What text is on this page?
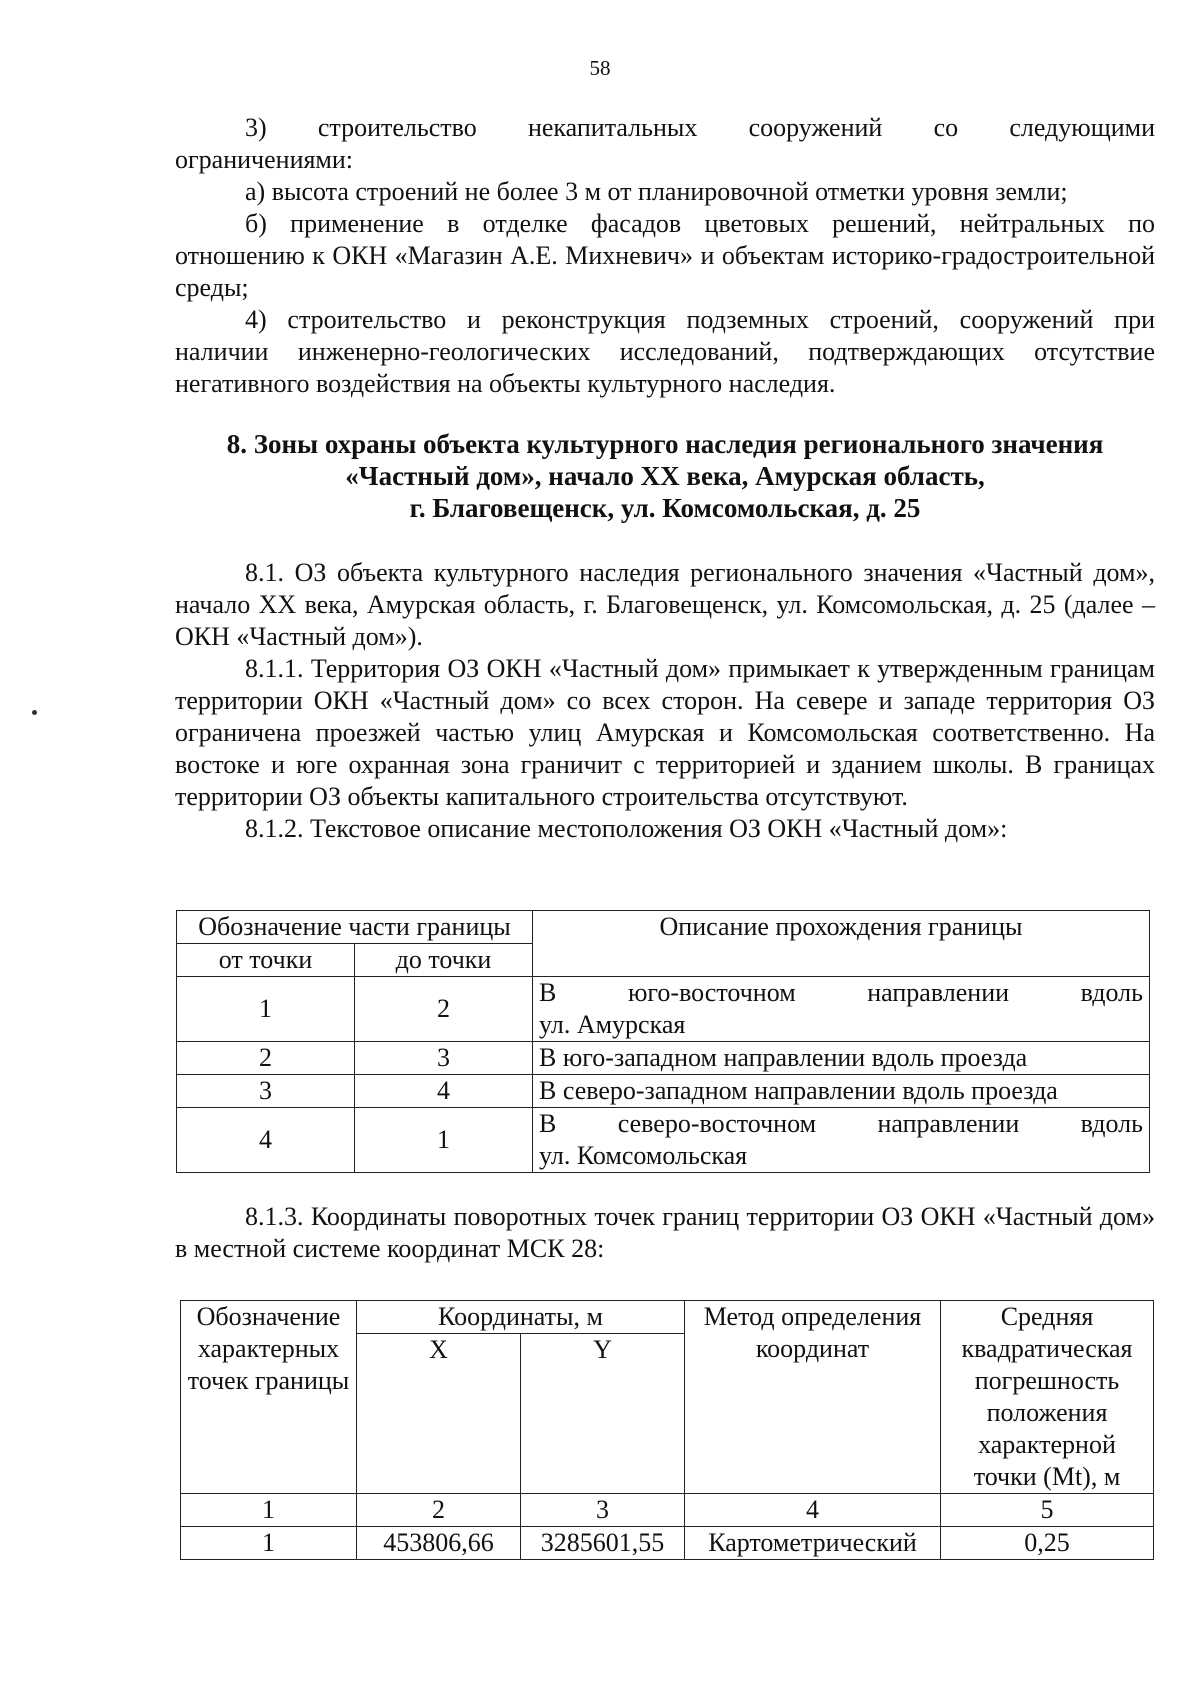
58

3) строительство некапитальных сооружений со следующими

ограничениями:

а) высота строений не более 3 м от планировочной отметки уровня земли;

б) применение в отделке фасадов цветовых решений, нейтральных по отношению к ОКН «Магазин А.Е. Михневич» и объектам историко-градостроительной среды;

4) строительство и реконструкция подземных строений, сооружений при наличии инженерно-геологических исследований, подтверждающих отсутствие негативного воздействия на объекты культурного наследия.

8. Зоны охраны объекта культурного наследия регионального значения
«Частный дом», начало XX века, Амурская область,
г. Благовещенск, ул. Комсомольская, д. 25

8.1. ОЗ объекта культурного наследия регионального значения «Частный дом», начало XX века, Амурская область, г. Благовещенск, ул. Комсомольская, д. 25 (далее – ОКН «Частный дом»).

8.1.1. Территория ОЗ ОКН «Частный дом» примыкает к утвержденным границам территории ОКН «Частный дом» со всех сторон. На севере и западе территория ОЗ ограничена проезжей частью улиц Амурская и Комсомольская соответственно. На востоке и юге охранная зона граничит с территорией и зданием школы. В границах территории ОЗ объекты капитального строительства отсутствуют.

8.1.2. Текстовое описание местоположения ОЗ ОКН «Частный дом»:

Обозначение части границы		Описание прохождения границы
от точки	до точки	
1	2	В юго-восточном направлении вдоль
ул. Амурская
2	3	В юго-западном направлении вдоль проезда
3	4	В северо-западном направлении вдоль проезда
4	1	В северо-восточном направлении вдоль
ул. Комсомольская

8.1.3. Координаты поворотных точек границ территории ОЗ ОКН «Частный дом» в местной системе координат МСК 28:

Обозначение характерных точек границы	Координаты, м		Метод определения координат	Средняя квадратическая погрешность положения характерной точки (Mt), м
	X	Y		
1	2	3	4	5
1	453806,66	3285601,55	Картометрический	0,25
